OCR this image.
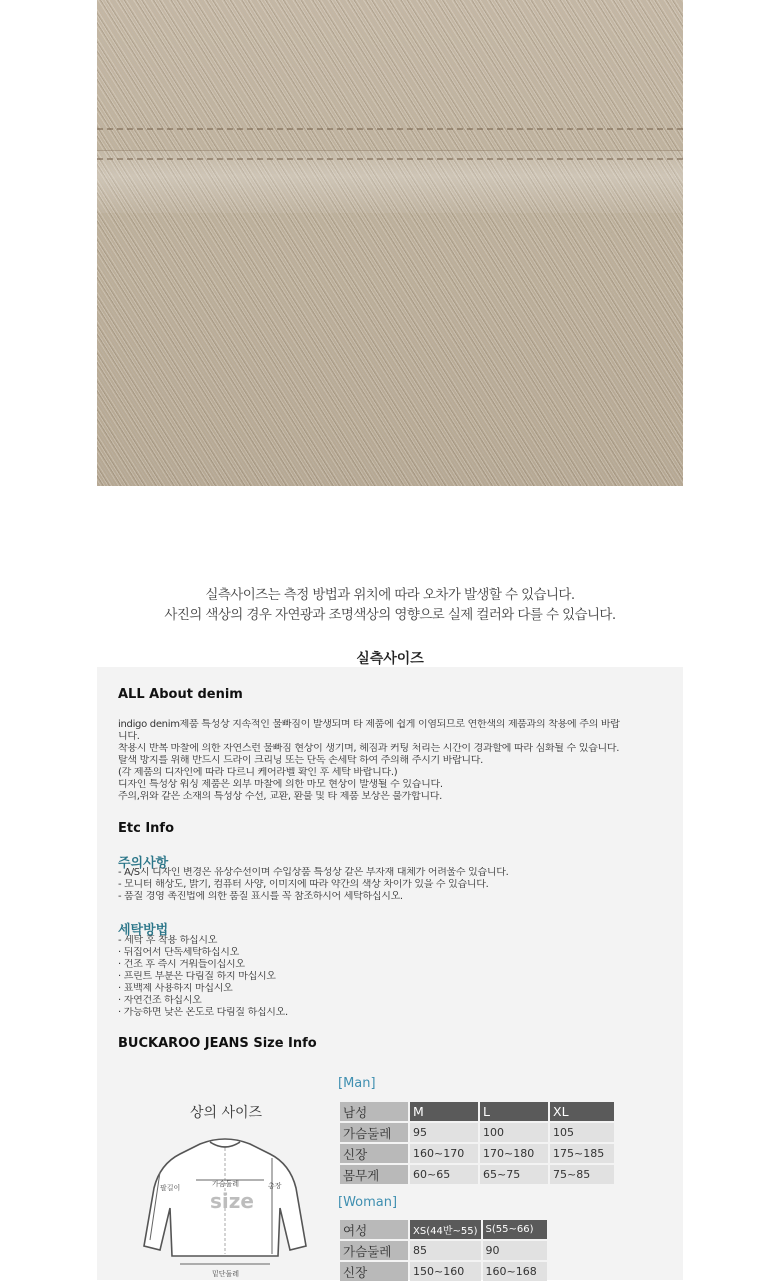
실측사이즈는 측정 방법과 위치에 따라 오차가 발생할 수 있습니다.
사진의 색상의 경우 자연광과 조명색상의 영향으로 실제 컬러와 다를 수 있습니다.
실측사이즈
ALL About denim
indigo denim제품 특성상 지속적인 물빠짐이 발생되며 타 제품에 쉽게 이염되므로 연한색의 제품과의 착용에 주의 바랍
니다.
착용시 반복 마찰에 의한 자연스런 물빠짐 현상이 생기며, 헤짐과 커팅 처리는 시간이 경과할에 따라 심화될 수 있습니다.
탈색 방지를 위해 반드시 드라이 크리닝 또는 단독 손세탁 하여 주의해 주시기 바랍니다.
(각 제품의 디자인에 따라 다르니 케어라벨 확인 후 세탁 바랍니다.)
디자인 특성상 워싱 제품은 외부 마찰에 의한 마모 현상이 발생될 수 있습니다.
주의,위와 같은 소재의 특성상 수선, 교환, 환불 및 타 제품 보상은 불가합니다.
Etc Info
주의사항
- A/S시 디자인 변경은 유상수선이며 수입상품 특성상 같은 부자재 대체가 어려울수 있습니다.
- 모니터 해상도, 밝기, 컴퓨터 사양, 이미지에 따라 약간의 색상 차이가 있을 수 있습니다.
- 품질 경영 촉진법에 의한 품질 표시를 꼭 참조하시어 세탁하십시오.
세탁방법
- 세탁 후 착용 하십시오
· 뒤집어서 단독세탁하십시오
· 건조 후 즉시 거워들이십시오
· 프린트 부분은 다림질 하지 마십시오
· 표백제 사용하지 마십시오
· 자연건조 하십시오
· 가능하면 낮은 온도로 다림질 하십시오.
BUCKAROO JEANS Size Info
상의 사이즈
팔길이	가슴둘레	총장
밑단둘레
size
[Man]
남성	M	L	XL
가슴둘레	95	100	105
신장	160~170	170~180	175~185
몸무게	60~65	65~75	75~85
[Woman]
여성	XS(44반~55)	S(55~66)
가슴둘레	85	90
신장	150~160	160~168
